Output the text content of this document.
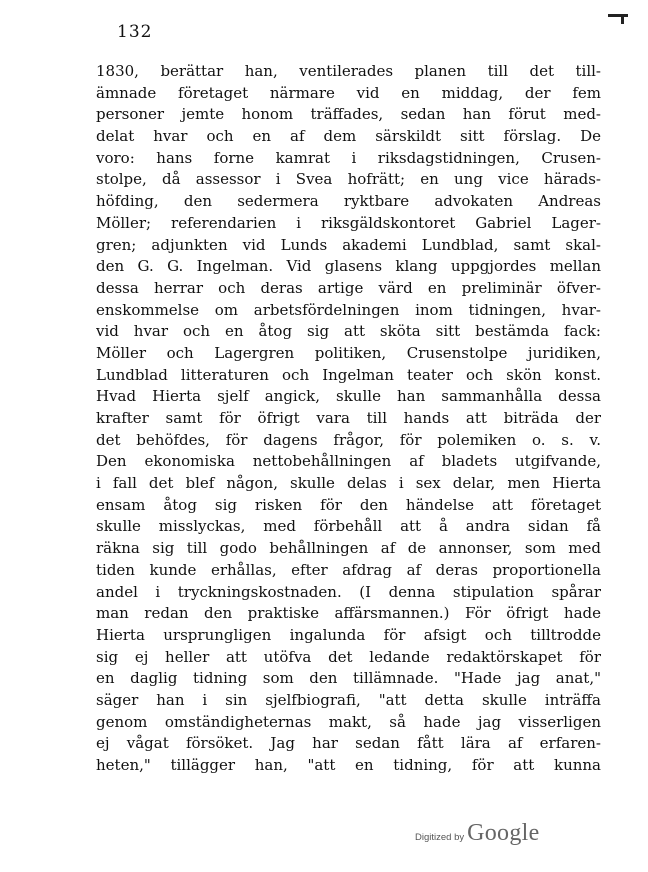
132
1830, berättar han, ventilerades planen till det till-
ämnade företaget närmare vid en middag, der fem
personer jemte honom träffades, sedan han förut med-
delat hvar och en af dem särskildt sitt förslag. De
voro: hans forne kamrat i riksdagstidningen, Crusen-
stolpe, då assessor i Svea hofrätt; en ung vice härads-
höfding, den sedermera ryktbare advokaten Andreas
Möller; referendarien i riksgäldskontoret Gabriel Lager-
gren; adjunkten vid Lunds akademi Lundblad, samt skal-
den G. G. Ingelman. Vid glasens klang uppgjordes mellan
dessa herrar och deras artige värd en preliminär öfver-
enskommelse om arbetsfördelningen inom tidningen, hvar-
vid hvar och en åtog sig att sköta sitt bestämda fack:
Möller och Lagergren politiken, Crusenstolpe juridiken,
Lundblad litteraturen och Ingelman teater och skön konst.
Hvad Hierta sjelf angick, skulle han sammanhålla dessa
krafter samt för öfrigt vara till hands att biträda der
det behöfdes, för dagens frågor, för polemiken o. s. v.
Den ekonomiska nettobehållningen af bladets utgifvande,
i fall det blef någon, skulle delas i sex delar, men Hierta
ensam åtog sig risken för den händelse att företaget
skulle misslyckas, med förbehåll att å andra sidan få
räkna sig till godo behållningen af de annonser, som med
tiden kunde erhållas, efter afdrag af deras proportionella
andel i tryckningskostnaden. (I denna stipulation spårar
man redan den praktiske affärsmannen.) För öfrigt hade
Hierta ursprungligen ingalunda för afsigt och tilltrodde
sig ej heller att utöfva det ledande redaktörskapet för
en daglig tidning som den tillämnade. "Hade jag anat,"
säger han i sin sjelfbiografi, "att detta skulle inträffa
genom omständigheternas makt, så hade jag visserligen
ej vågat försöket. Jag har sedan fått lära af erfaren-
heten," tillägger han, "att en tidning, för att kunna
Digitized by Google
